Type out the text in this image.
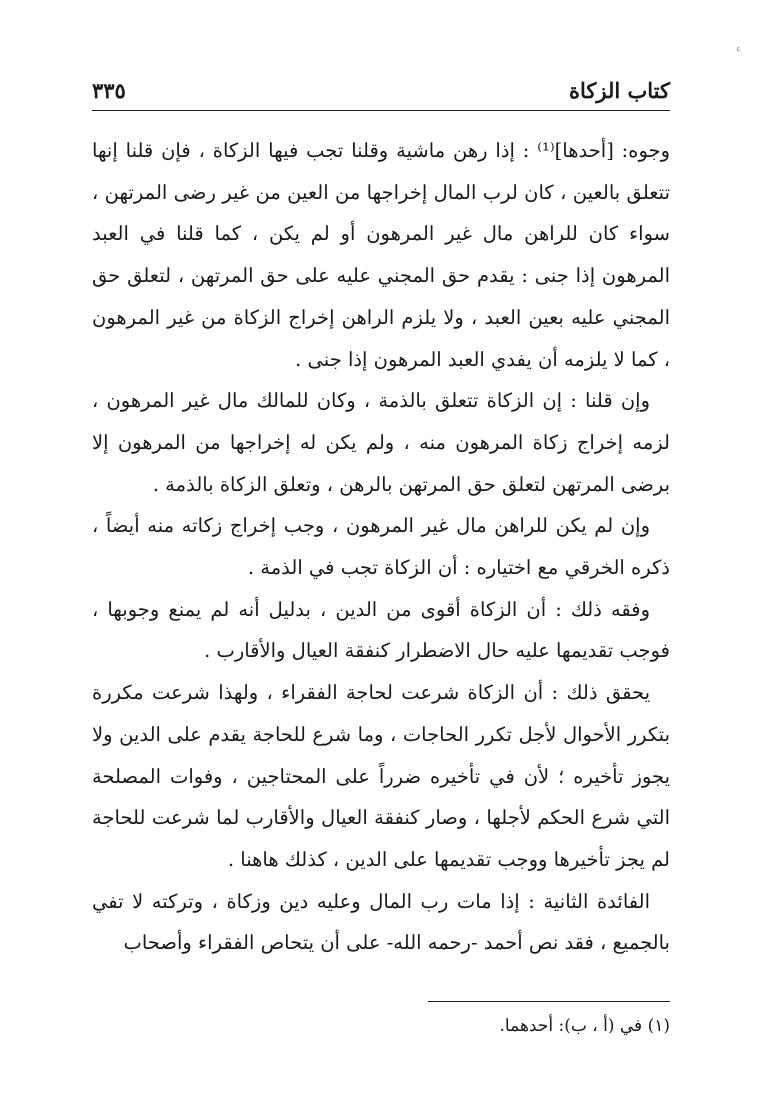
ء
كتاب الزكاة
٣٣٥

وجوه: [أحدها]⁽¹⁾ : إذا رهن ماشية وقلنا تجب فيها الزكاة ، فإن قلنا إنها تتعلق بالعين ، كان لرب المال إخراجها من العين من غير رضى المرتهن ، سواء كان للراهن مال غير المرهون أو لم يكن ، كما قلنا في العبد المرهون إذا جنى : يقدم حق المجني عليه على حق المرتهن ، لتعلق حق المجني عليه بعين العبد ، ولا يلزم الراهن إخراج الزكاة من غير المرهون ، كما لا يلزمه أن يفدي العبد المرهون إذا جنى .

وإن قلنا : إن الزكاة تتعلق بالذمة ، وكان للمالك مال غير المرهون ، لزمه إخراج زكاة المرهون منه ، ولم يكن له إخراجها من المرهون إلا برضى المرتهن لتعلق حق المرتهن بالرهن ، وتعلق الزكاة بالذمة .

وإن لم يكن للراهن مال غير المرهون ، وجب إخراج زكاته منه أيضاً ، ذكره الخرقي مع اختياره : أن الزكاة تجب في الذمة .

وفقه ذلك : أن الزكاة أقوى من الدين ، بدليل أنه لم يمنع وجوبها ، فوجب تقديمها عليه حال الاضطرار كنفقة العيال والأقارب .

يحقق ذلك : أن الزكاة شرعت لحاجة الفقراء ، ولهذا شرعت مكررة بتكرر الأحوال لأجل تكرر الحاجات ، وما شرع للحاجة يقدم على الدين ولا يجوز تأخيره ؛ لأن في تأخيره ضرراً على المحتاجين ، وفوات المصلحة التي شرع الحكم لأجلها ، وصار كنفقة العيال والأقارب لما شرعت للحاجة لم يجز تأخيرها ووجب تقديمها على الدين ، كذلك هاهنا .

الفائدة الثانية : إذا مات رب المال وعليه دين وزكاة ، وتركته لا تفي بالجميع ، فقد نص أحمد -رحمه الله- على أن يتحاص الفقراء وأصحاب

(١) في (أ ، ب): أحدهما.
